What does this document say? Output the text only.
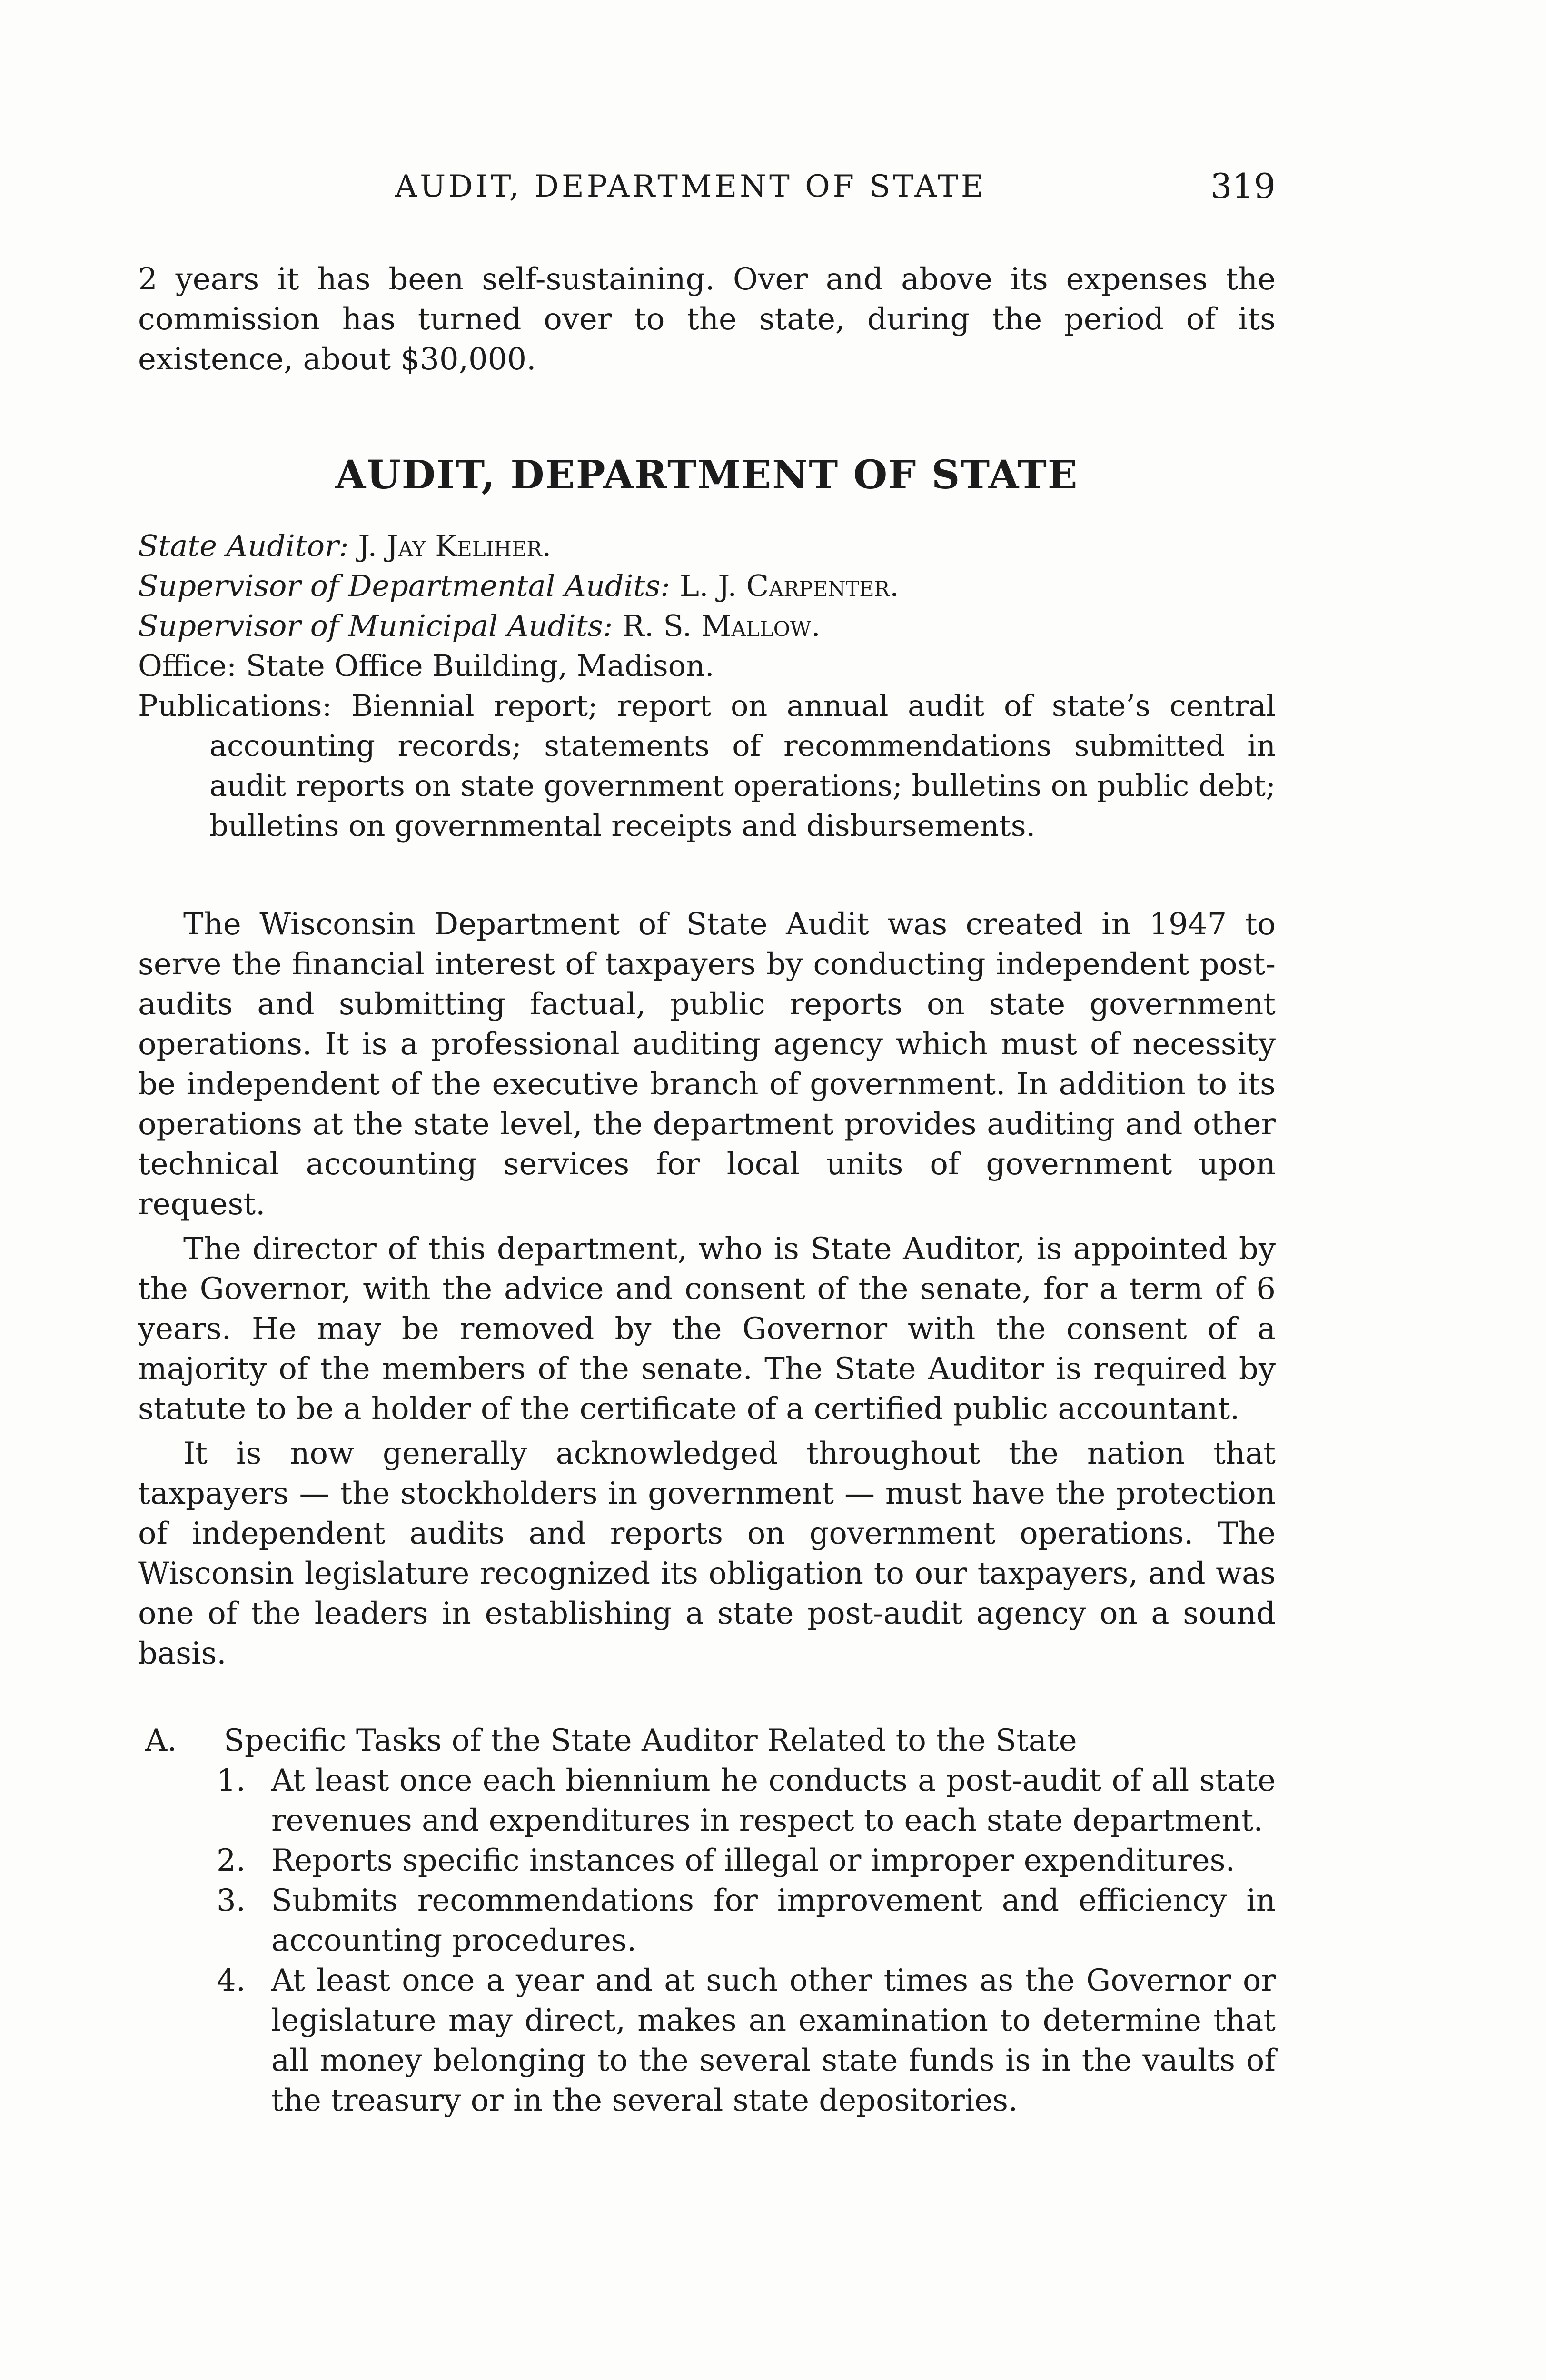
AUDIT, DEPARTMENT OF STATE	319
2 years it has been self-sustaining. Over and above its expenses the commission has turned over to the state, during the period of its existence, about $30,000.
AUDIT, DEPARTMENT OF STATE
State Auditor: J. Jay Keliher.
Supervisor of Departmental Audits: L. J. Carpenter.
Supervisor of Municipal Audits: R. S. Mallow.
Office: State Office Building, Madison.
Publications: Biennial report; report on annual audit of state’s central accounting records; statements of recommendations submitted in audit reports on state government operations; bulletins on public debt; bulletins on governmental receipts and disbursements.

The Wisconsin Department of State Audit was created in 1947 to serve the financial interest of taxpayers by conducting independent post-audits and submitting factual, public reports on state government operations. It is a professional auditing agency which must of necessity be independent of the executive branch of government. In addition to its operations at the state level, the department provides auditing and other technical accounting services for local units of government upon request.

The director of this department, who is State Auditor, is appointed by the Governor, with the advice and consent of the senate, for a term of 6 years. He may be removed by the Governor with the consent of a majority of the members of the senate. The State Auditor is required by statute to be a holder of the certificate of a certified public accountant.

It is now generally acknowledged throughout the nation that taxpayers — the stockholders in government — must have the protection of independent audits and reports on government operations. The Wisconsin legislature recognized its obligation to our taxpayers, and was one of the leaders in establishing a state post-audit agency on a sound basis.

A.	Specific Tasks of the State Auditor Related to the State
1. At least once each biennium he conducts a post-audit of all state revenues and expenditures in respect to each state department.
2. Reports specific instances of illegal or improper expenditures.
3. Submits recommendations for improvement and efficiency in accounting procedures.
4. At least once a year and at such other times as the Governor or legislature may direct, makes an examination to determine that all money belonging to the several state funds is in the vaults of the treasury or in the several state depositories.
